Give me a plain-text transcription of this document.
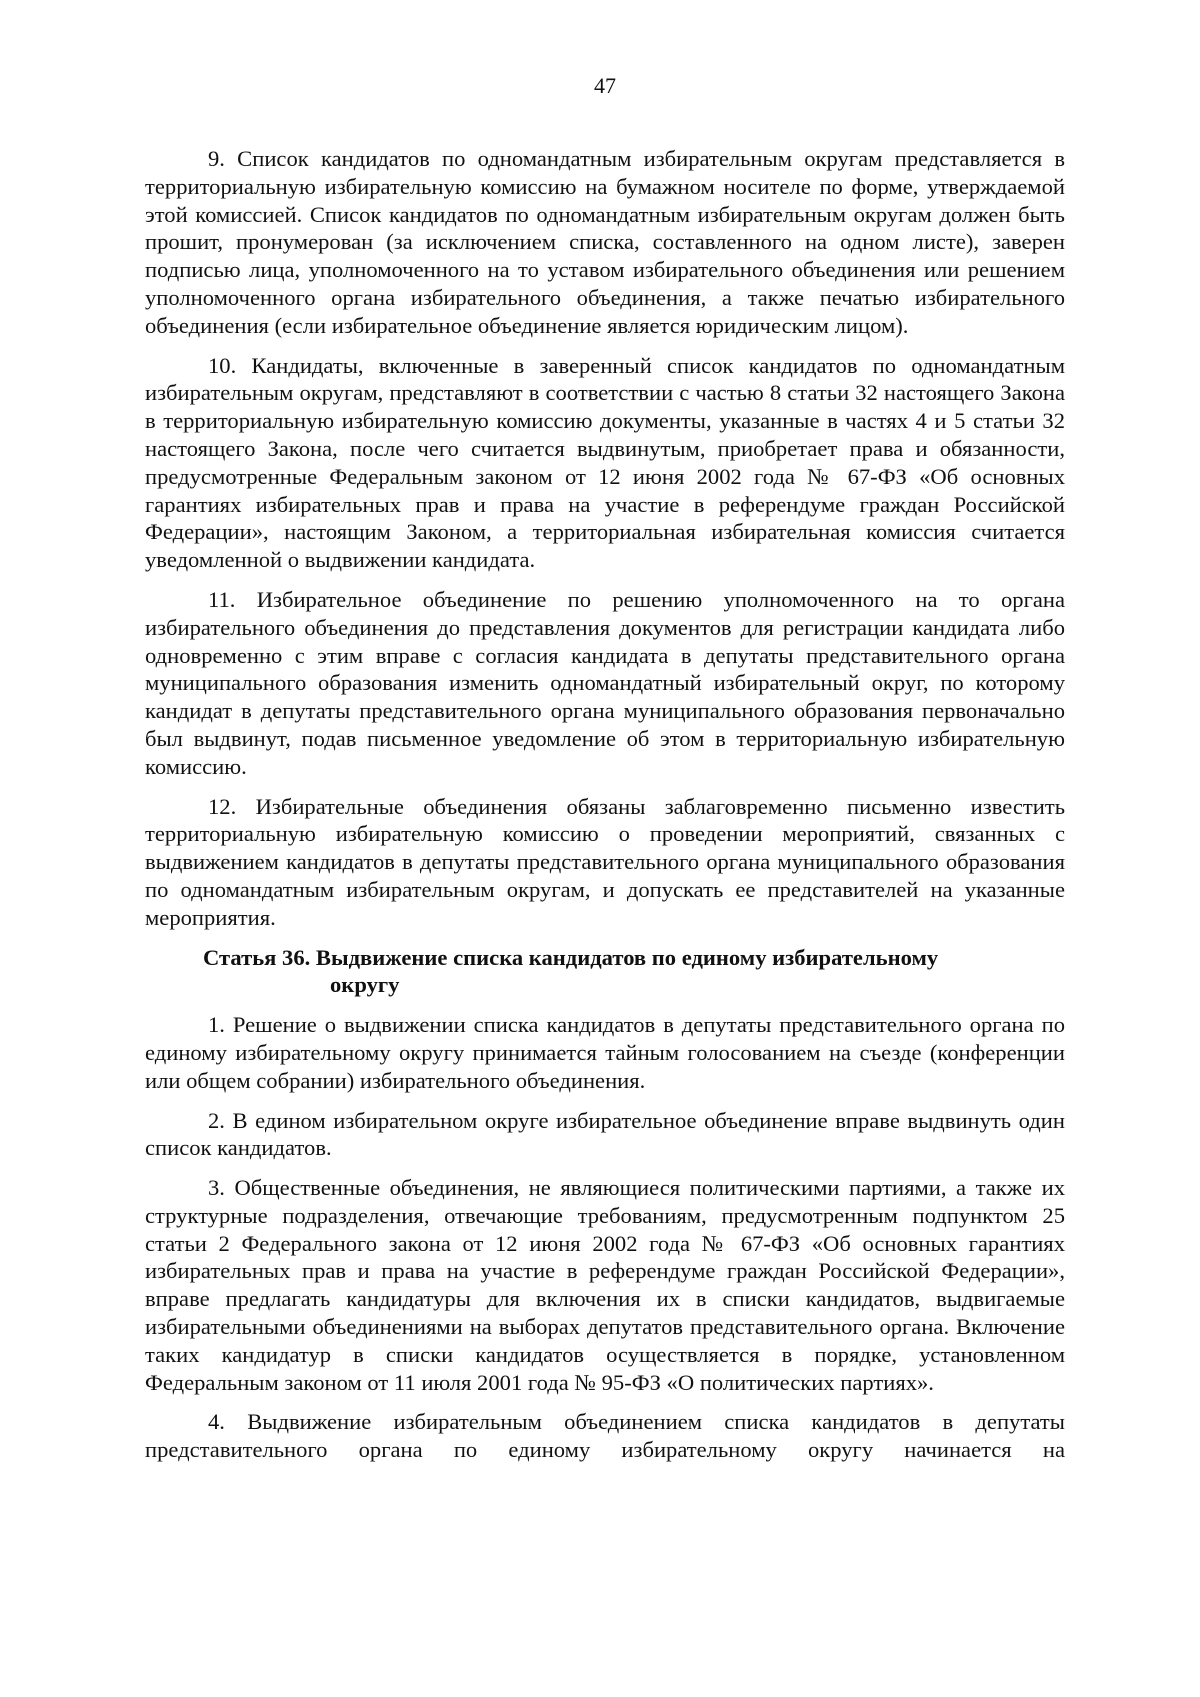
47

9. Список кандидатов по одномандатным избирательным округам представляется в территориальную избирательную комиссию на бумажном носителе по форме, утверждаемой этой комиссией. Список кандидатов по одномандатным избирательным округам должен быть прошит, пронумерован (за исключением списка, составленного на одном листе), заверен подписью лица, уполномоченного на то уставом избирательного объединения или решением уполномоченного органа избирательного объединения, а также печатью избирательного объединения (если избирательное объединение является юридическим лицом).

10. Кандидаты, включенные в заверенный список кандидатов по одномандатным избирательным округам, представляют в соответствии с частью 8 статьи 32 настоящего Закона в территориальную избирательную комиссию документы, указанные в частях 4 и 5 статьи 32 настоящего Закона, после чего считается выдвинутым, приобретает права и обязанности, предусмотренные Федеральным законом от 12 июня 2002 года № 67-ФЗ «Об основных гарантиях избирательных прав и права на участие в референдуме граждан Российской Федерации», настоящим Законом, а территориальная избирательная комиссия считается уведомленной о выдвижении кандидата.

11. Избирательное объединение по решению уполномоченного на то органа избирательного объединения до представления документов для регистрации кандидата либо одновременно с этим вправе с согласия кандидата в депутаты представительного органа муниципального образования изменить одномандатный избирательный округ, по которому кандидат в депутаты представительного органа муниципального образования первоначально был выдвинут, подав письменное уведомление об этом в территориальную избирательную комиссию.

12. Избирательные объединения обязаны заблаговременно письменно известить территориальную избирательную комиссию о проведении мероприятий, связанных с выдвижением кандидатов в депутаты представительного органа муниципального образования по одномандатным избирательным округам, и допускать ее представителей на указанные мероприятия.

Статья 36. Выдвижение списка кандидатов по единому избирательному
округу

1. Решение о выдвижении списка кандидатов в депутаты представительного органа по единому избирательному округу принимается тайным голосованием на съезде (конференции или общем собрании) избирательного объединения.

2. В едином избирательном округе избирательное объединение вправе выдвинуть один список кандидатов.

3. Общественные объединения, не являющиеся политическими партиями, а также их структурные подразделения, отвечающие требованиям, предусмотренным подпунктом 25 статьи 2 Федерального закона от 12 июня 2002 года № 67-ФЗ «Об основных гарантиях избирательных прав и права на участие в референдуме граждан Российской Федерации», вправе предлагать кандидатуры для включения их в списки кандидатов, выдвигаемые избирательными объединениями на выборах депутатов представительного органа. Включение таких кандидатур в списки кандидатов осуществляется в порядке, установленном Федеральным законом от 11 июля 2001 года № 95-ФЗ «О политических партиях».

4. Выдвижение избирательным объединением списка кандидатов в депутаты представительного органа по единому избирательному округу начинается на
